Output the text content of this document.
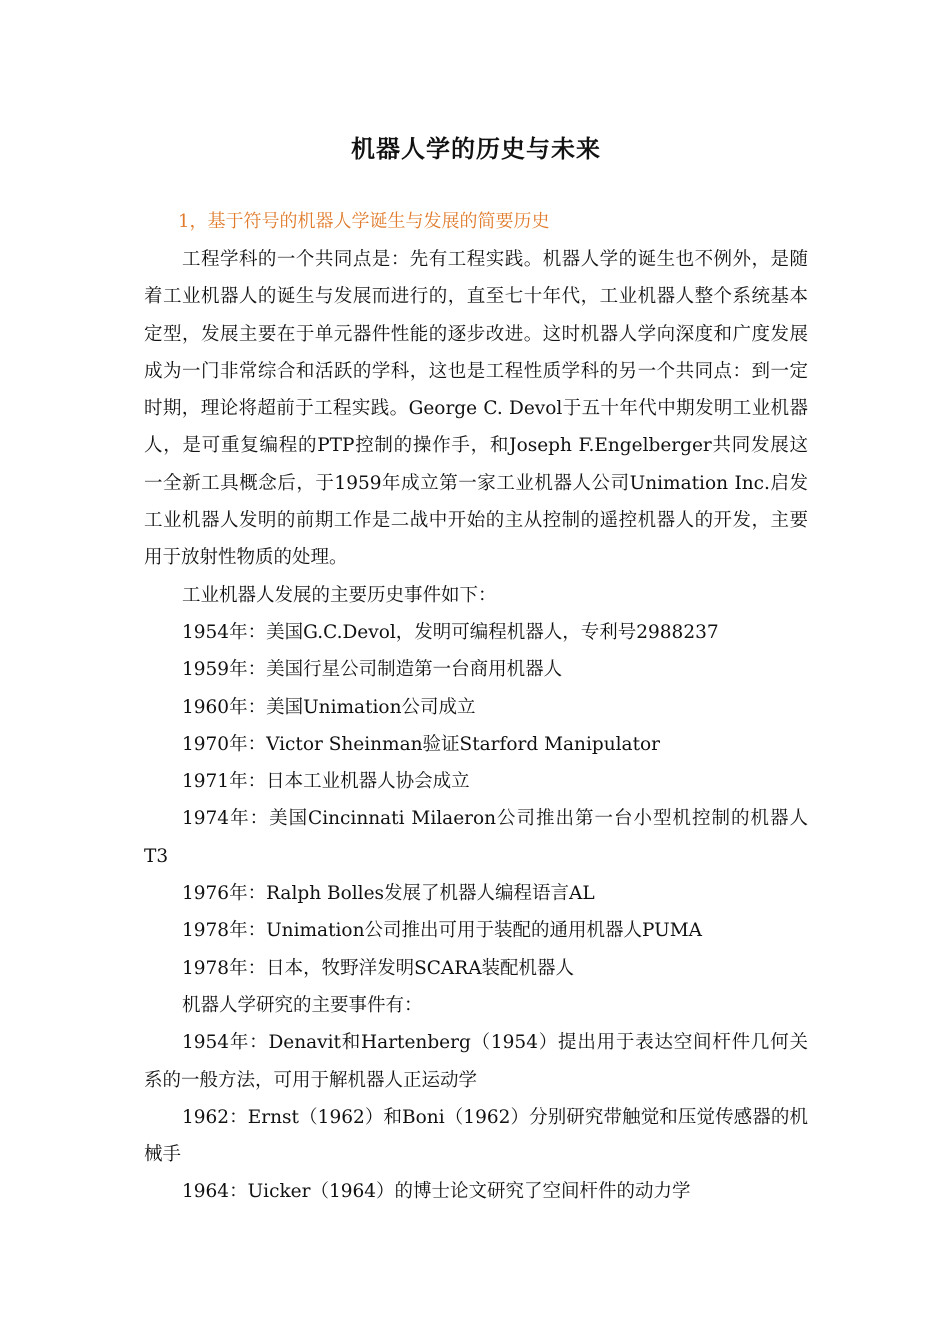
机器人学的历史与未来
1，基于符号的机器人学诞生与发展的简要历史

工程学科的一个共同点是：先有工程实践。机器人学的诞生也不例外，是随着工业机器人的诞生与发展而进行的，直至七十年代，工业机器人整个系统基本定型，发展主要在于单元器件性能的逐步改进。这时机器人学向深度和广度发展成为一门非常综合和活跃的学科，这也是工程性质学科的另一个共同点：到一定时期，理论将超前于工程实践。George C. Devol于五十年代中期发明工业机器人，是可重复编程的PTP控制的操作手，和Joseph F.Engelberger共同发展这一全新工具概念后，于1959年成立第一家工业机器人公司Unimation Inc.启发工业机器人发明的前期工作是二战中开始的主从控制的遥控机器人的开发，主要用于放射性物质的处理。

工业机器人发展的主要历史事件如下：

1954年：美国G.C.Devol，发明可编程机器人，专利号2988237

1959年：美国行星公司制造第一台商用机器人

1960年：美国Unimation公司成立

1970年：Victor Sheinman验证Starford Manipulator

1971年：日本工业机器人协会成立

1974年：美国Cincinnati Milaeron公司推出第一台小型机控制的机器人T3

1976年：Ralph Bolles发展了机器人编程语言AL

1978年：Unimation公司推出可用于装配的通用机器人PUMA

1978年：日本，牧野洋发明SCARA装配机器人

机器人学研究的主要事件有：

1954年：Denavit和Hartenberg（1954）提出用于表达空间杆件几何关系的一般方法，可用于解机器人正运动学

1962：Ernst（1962）和Boni（1962）分别研究带触觉和压觉传感器的机械手

1964：Uicker（1964）的博士论文研究了空间杆件的动力学
